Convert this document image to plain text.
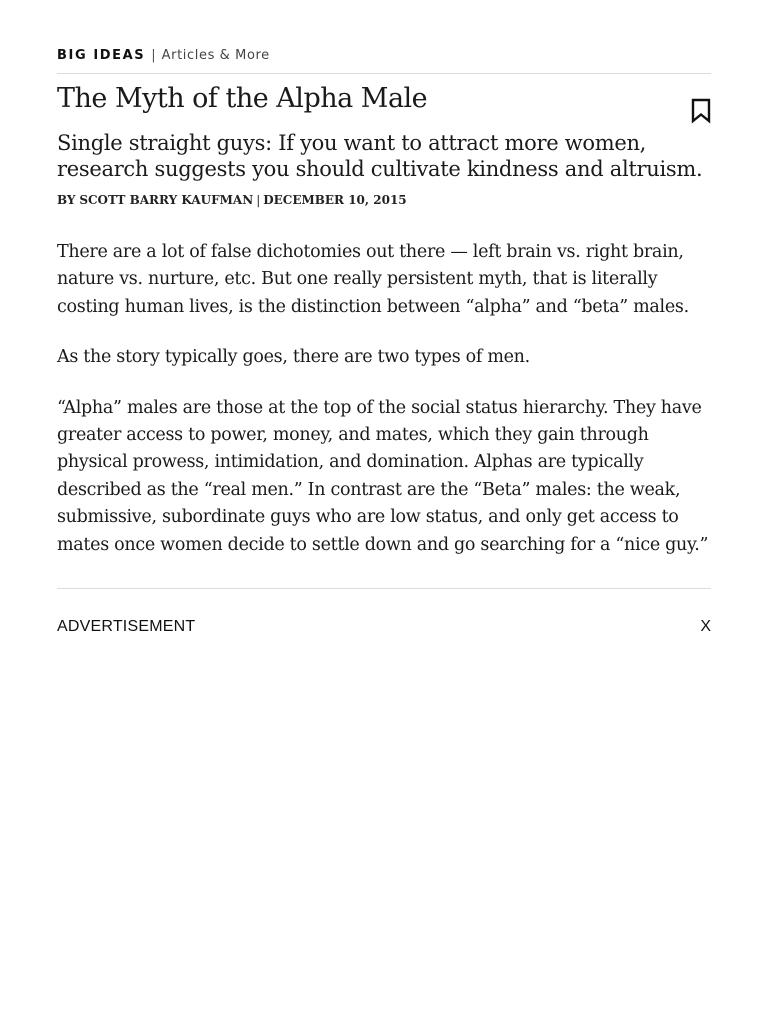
BIG IDEAS | Articles & More
The Myth of the Alpha Male

Single straight guys: If you want to attract more women, research suggests you should cultivate kindness and altruism.

BY SCOTT BARRY KAUFMAN | DECEMBER 10, 2015

There are a lot of false dichotomies out there — left brain vs. right brain, nature vs. nurture, etc. But one really persistent myth, that is literally costing human lives, is the distinction between “alpha” and “beta” males.

As the story typically goes, there are two types of men.

“Alpha” males are those at the top of the social status hierarchy. They have greater access to power, money, and mates, which they gain through physical prowess, intimidation, and domination. Alphas are typically described as the “real men.” In contrast are the “Beta” males: the weak, submissive, subordinate guys who are low status, and only get access to mates once women decide to settle down and go searching for a “nice guy.”

ADVERTISEMENT	X
